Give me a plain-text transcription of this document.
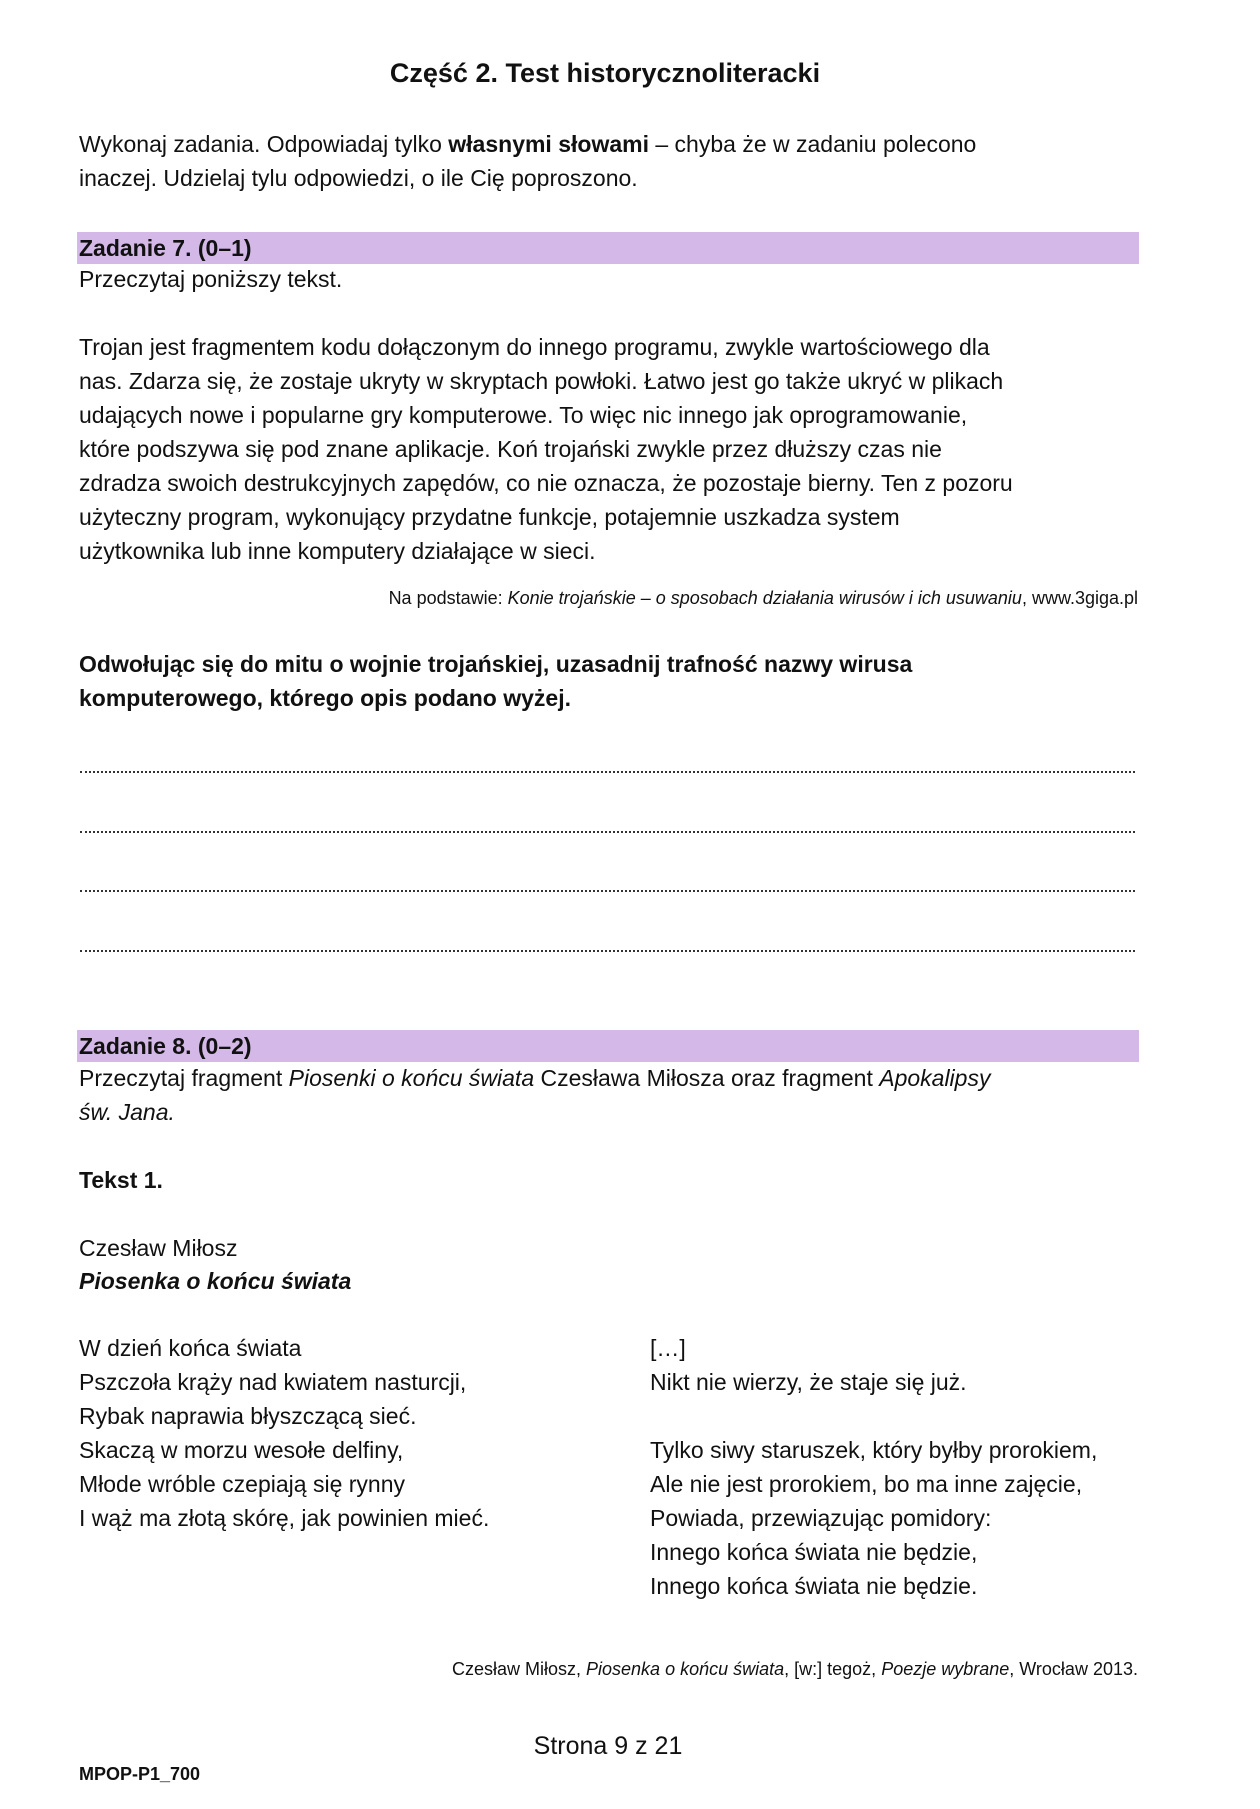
Część 2. Test historycznoliteracki
Wykonaj zadania. Odpowiadaj tylko własnymi słowami – chyba że w zadaniu polecono
inaczej. Udzielaj tylu odpowiedzi, o ile Cię poproszono.
Zadanie 7. (0–1)
Przeczytaj poniższy tekst.
Trojan jest fragmentem kodu dołączonym do innego programu, zwykle wartościowego dla
nas. Zdarza się, że zostaje ukryty w skryptach powłoki. Łatwo jest go także ukryć w plikach
udających nowe i popularne gry komputerowe. To więc nic innego jak oprogramowanie,
które podszywa się pod znane aplikacje. Koń trojański zwykle przez dłuższy czas nie
zdradza swoich destrukcyjnych zapędów, co nie oznacza, że pozostaje bierny. Ten z pozoru
użyteczny program, wykonujący przydatne funkcje, potajemnie uszkadza system
użytkownika lub inne komputery działające w sieci.
Na podstawie: Konie trojańskie – o sposobach działania wirusów i ich usuwaniu, www.3giga.pl
Odwołując się do mitu o wojnie trojańskiej, uzasadnij trafność nazwy wirusa
komputerowego, którego opis podano wyżej.
Zadanie 8. (0–2)
Przeczytaj fragment Piosenki o końcu świata Czesława Miłosza oraz fragment Apokalipsy
św. Jana.
Tekst 1.
Czesław Miłosz
Piosenka o końcu świata
W dzień końca świata
Pszczoła krąży nad kwiatem nasturcji,
Rybak naprawia błyszczącą sieć.
Skaczą w morzu wesołe delfiny,
Młode wróble czepiają się rynny
I wąż ma złotą skórę, jak powinien mieć.
[…]
Nikt nie wierzy, że staje się już.
Tylko siwy staruszek, który byłby prorokiem,
Ale nie jest prorokiem, bo ma inne zajęcie,
Powiada, przewiązując pomidory:
Innego końca świata nie będzie,
Innego końca świata nie będzie.
Czesław Miłosz, Piosenka o końcu świata, [w:] tegoż, Poezje wybrane, Wrocław 2013.
Strona 9 z 21
MPOP-P1_700
